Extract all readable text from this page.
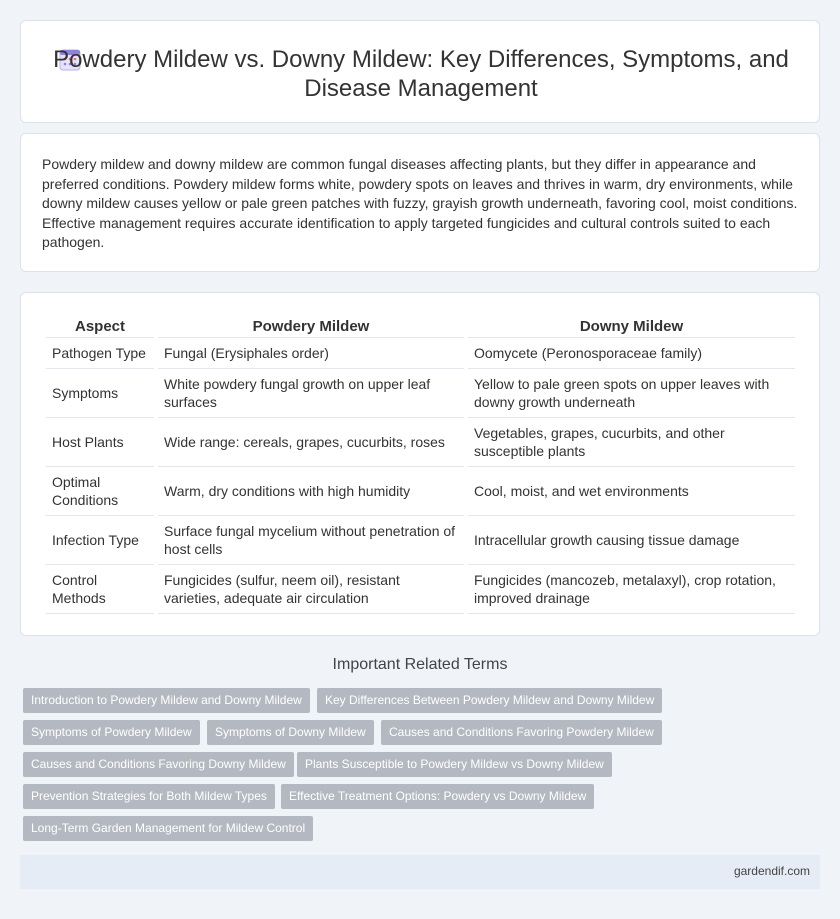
Powdery Mildew vs. Downy Mildew: Key Differences, Symptoms, and Disease Management

Powdery mildew and downy mildew are common fungal diseases affecting plants, but they differ in appearance and preferred conditions. Powdery mildew forms white, powdery spots on leaves and thrives in warm, dry environments, while downy mildew causes yellow or pale green patches with fuzzy, grayish growth underneath, favoring cool, moist conditions. Effective management requires accurate identification to apply targeted fungicides and cultural controls suited to each pathogen.

Aspect	Powdery Mildew	Downy Mildew
Pathogen Type	Fungal (Erysiphales order)	Oomycete (Peronosporaceae family)
Symptoms	White powdery fungal growth on upper leaf surfaces	Yellow to pale green spots on upper leaves with downy growth underneath
Host Plants	Wide range: cereals, grapes, cucurbits, roses	Vegetables, grapes, cucurbits, and other susceptible plants
Optimal Conditions	Warm, dry conditions with high humidity	Cool, moist, and wet environments
Infection Type	Surface fungal mycelium without penetration of host cells	Intracellular growth causing tissue damage
Control Methods	Fungicides (sulfur, neem oil), resistant varieties, adequate air circulation	Fungicides (mancozeb, metalaxyl), crop rotation, improved drainage
Important Related Terms
Introduction to Powdery Mildew and Downy Mildew	Key Differences Between Powdery Mildew and Downy Mildew
Symptoms of Powdery Mildew	Symptoms of Downy Mildew	Causes and Conditions Favoring Powdery Mildew
Causes and Conditions Favoring Downy Mildew	Plants Susceptible to Powdery Mildew vs Downy Mildew
Prevention Strategies for Both Mildew Types	Effective Treatment Options: Powdery vs Downy Mildew
Long-Term Garden Management for Mildew Control
gardendif.com
